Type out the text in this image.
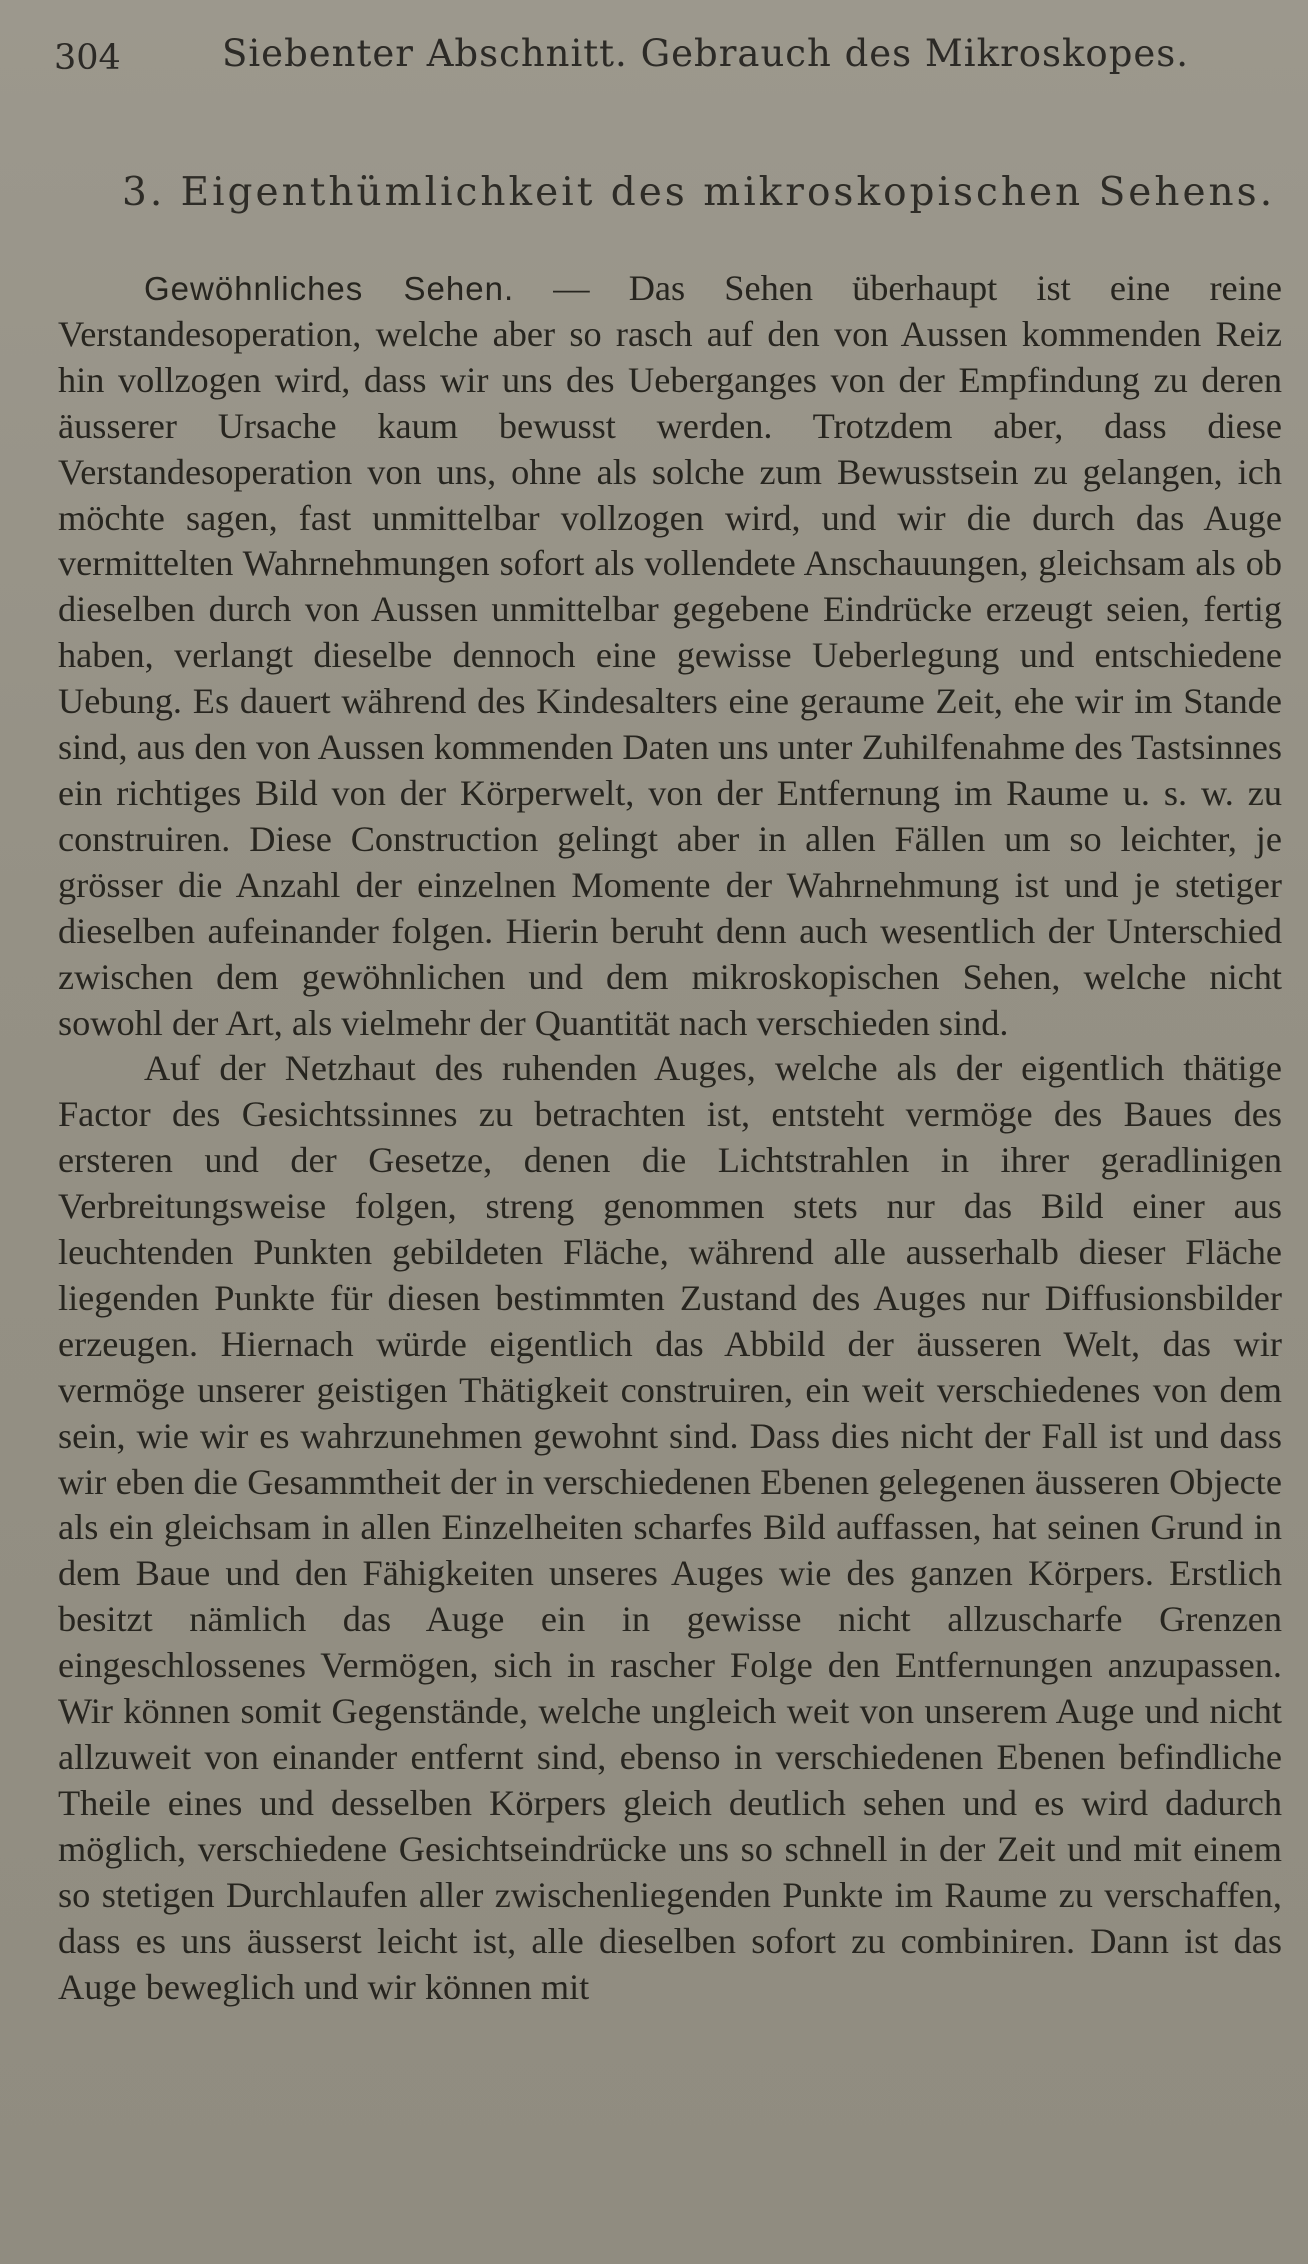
304	Siebenter Abschnitt. Gebrauch des Mikroskopes.
3. Eigenthümlichkeit des mikroskopischen Sehens.

Gewöhnliches Sehen. — Das Sehen überhaupt ist eine reine Verstandesoperation, welche aber so rasch auf den von Aussen kommenden Reiz hin vollzogen wird, dass wir uns des Ueberganges von der Empfindung zu deren äusserer Ursache kaum bewusst werden. Trotzdem aber, dass diese Verstandesoperation von uns, ohne als solche zum Bewusstsein zu gelangen, ich möchte sagen, fast unmittelbar vollzogen wird, und wir die durch das Auge vermittelten Wahrnehmungen sofort als vollendete Anschauungen, gleichsam als ob dieselben durch von Aussen unmittelbar gegebene Eindrücke erzeugt seien, fertig haben, verlangt dieselbe dennoch eine gewisse Ueberlegung und entschiedene Uebung. Es dauert während des Kindesalters eine geraume Zeit, ehe wir im Stande sind, aus den von Aussen kommenden Daten uns unter Zuhilfenahme des Tastsinnes ein richtiges Bild von der Körperwelt, von der Entfernung im Raume u. s. w. zu construiren. Diese Construction gelingt aber in allen Fällen um so leichter, je grösser die Anzahl der einzelnen Momente der Wahrnehmung ist und je stetiger dieselben aufeinander folgen. Hierin beruht denn auch wesentlich der Unterschied zwischen dem gewöhnlichen und dem mikroskopischen Sehen, welche nicht sowohl der Art, als vielmehr der Quantität nach verschieden sind.

Auf der Netzhaut des ruhenden Auges, welche als der eigentlich thätige Factor des Gesichtssinnes zu betrachten ist, entsteht vermöge des Baues des ersteren und der Gesetze, denen die Lichtstrahlen in ihrer geradlinigen Verbreitungsweise folgen, streng genommen stets nur das Bild einer aus leuchtenden Punkten gebildeten Fläche, während alle ausserhalb dieser Fläche liegenden Punkte für diesen bestimmten Zustand des Auges nur Diffusionsbilder erzeugen. Hiernach würde eigentlich das Abbild der äusseren Welt, das wir vermöge unserer geistigen Thätigkeit construiren, ein weit verschiedenes von dem sein, wie wir es wahrzunehmen gewohnt sind. Dass dies nicht der Fall ist und dass wir eben die Gesammtheit der in verschiedenen Ebenen gelegenen äusseren Objecte als ein gleichsam in allen Einzelheiten scharfes Bild auffassen, hat seinen Grund in dem Baue und den Fähigkeiten unseres Auges wie des ganzen Körpers. Erstlich besitzt nämlich das Auge ein in gewisse nicht allzuscharfe Grenzen eingeschlossenes Vermögen, sich in rascher Folge den Entfernungen anzupassen. Wir können somit Gegenstände, welche ungleich weit von unserem Auge und nicht allzuweit von einander entfernt sind, ebenso in verschiedenen Ebenen befindliche Theile eines und desselben Körpers gleich deutlich sehen und es wird dadurch möglich, verschiedene Gesichtseindrücke uns so schnell in der Zeit und mit einem so stetigen Durchlaufen aller zwischenliegenden Punkte im Raume zu verschaffen, dass es uns äusserst leicht ist, alle dieselben sofort zu combiniren. Dann ist das Auge beweglich und wir können mit
